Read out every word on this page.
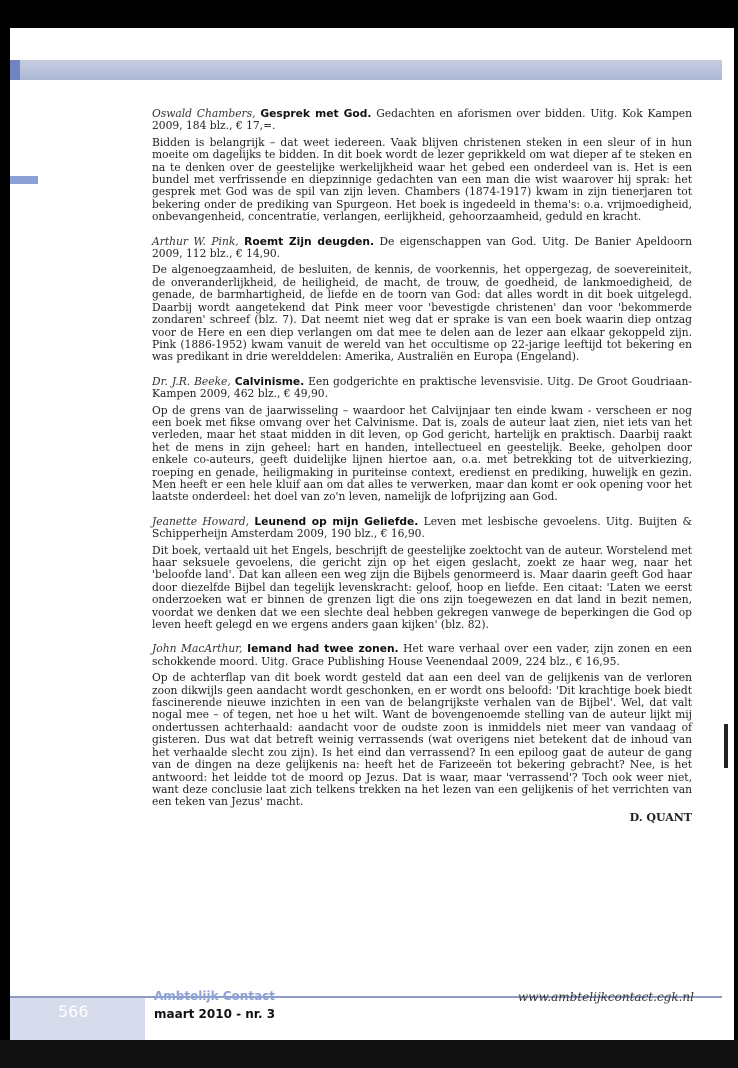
Oswald Chambers, Gesprek met God. Gedachten en aforismen over bidden. Uitg. Kok Kampen 2009, 184 blz., € 17,=.

Bidden is belangrijk – dat weet iedereen. Vaak blijven christenen steken in een sleur of in hun moeite om dagelijks te bidden. In dit boek wordt de lezer geprikkeld om wat dieper af te steken en na te denken over de geestelijke werkelijkheid waar het gebed een onderdeel van is. Het is een bundel met verfrissende en diepzinnige gedachten van een man die wist waarover hij sprak: het gesprek met God was de spil van zijn leven. Chambers (1874-1917) kwam in zijn tienerjaren tot bekering onder de prediking van Spurgeon. Het boek is ingedeeld in thema's: o.a. vrijmoedigheid, onbevangenheid, concentratie, verlangen, eerlijkheid, gehoorzaamheid, geduld en kracht.

Arthur W. Pink, Roemt Zijn deugden. De eigenschappen van God. Uitg. De Banier Apeldoorn 2009, 112 blz., € 14,90.

De algenoegzaamheid, de besluiten, de kennis, de voorkennis, het oppergezag, de soevereiniteit, de onveranderlijkheid, de heiligheid, de macht, de trouw, de goedheid, de lankmoedigheid, de genade, de barmhartigheid, de liefde en de toorn van God: dat alles wordt in dit boek uitgelegd. Daarbij wordt aangetekend dat Pink meer voor 'bevestigde christenen' dan voor 'bekommerde zondaren' schreef (blz. 7). Dat neemt niet weg dat er sprake is van een boek waarin diep ontzag voor de Here en een diep verlangen om dat mee te delen aan de lezer aan elkaar gekoppeld zijn. Pink (1886-1952) kwam vanuit de wereld van het occultisme op 22-jarige leeftijd tot bekering en was predikant in drie werelddelen: Amerika, Australiën en Europa (Engeland).

Dr. J.R. Beeke, Calvinisme. Een godgerichte en praktische levensvisie. Uitg. De Groot Goudriaan-Kampen 2009, 462 blz., € 49,90.

Op de grens van de jaarwisseling – waardoor het Calvijnjaar ten einde kwam - verscheen er nog een boek met fikse omvang over het Calvinisme. Dat is, zoals de auteur laat zien, niet iets van het verleden, maar het staat midden in dit leven, op God gericht, hartelijk en praktisch. Daarbij raakt het de mens in zijn geheel: hart en handen, intellectueel en geestelijk. Beeke, geholpen door enkele co-auteurs, geeft duidelijke lijnen hiertoe aan, o.a. met betrekking tot de uitverkiezing, roeping en genade, heiligmaking in puriteinse context, eredienst en prediking, huwelijk en gezin. Men heeft er een hele kluif aan om dat alles te verwerken, maar dan komt er ook opening voor het laatste onderdeel: het doel van zo'n leven, namelijk de lofprijzing aan God.

Jeanette Howard, Leunend op mijn Geliefde. Leven met lesbische gevoelens. Uitg. Buijten & Schipperheijn Amsterdam 2009, 190 blz., € 16,90.

Dit boek, vertaald uit het Engels, beschrijft de geestelijke zoektocht van de auteur. Worstelend met haar seksuele gevoelens, die gericht zijn op het eigen geslacht, zoekt ze haar weg, naar het 'beloofde land'. Dat kan alleen een weg zijn die Bijbels genormeerd is. Maar daarin geeft God haar door diezelfde Bijbel dan tegelijk levenskracht: geloof, hoop en liefde. Een citaat: 'Laten we eerst onderzoeken wat er binnen de grenzen ligt die ons zijn toegewezen en dat land in bezit nemen, voordat we denken dat we een slechte deal hebben gekregen vanwege de beperkingen die God op leven heeft gelegd en we ergens anders gaan kijken' (blz. 82).

John MacArthur, Iemand had twee zonen. Het ware verhaal over een vader, zijn zonen en een schokkende moord. Uitg. Grace Publishing House Veenendaal 2009, 224 blz., € 16,95.

Op de achterflap van dit boek wordt gesteld dat aan een deel van de gelijkenis van de verloren zoon dikwijls geen aandacht wordt geschonken, en er wordt ons beloofd: 'Dit krachtige boek biedt fascinerende nieuwe inzichten in een van de belangrijkste verhalen van de Bijbel'. Wel, dat valt nogal mee – of tegen, net hoe u het wilt. Want de bovengenoemde stelling van de auteur lijkt mij ondertussen achterhaald: aandacht voor de oudste zoon is inmiddels niet meer van vandaag of gisteren. Dus wat dat betreft weinig verrassends (wat overigens niet betekent dat de inhoud van het verhaalde slecht zou zijn). Is het eind dan verrassend? In een epiloog gaat de auteur de gang van de dingen na deze gelijkenis na: heeft het de Farizeeën tot bekering gebracht? Nee, is het antwoord: het leidde tot de moord op Jezus. Dat is waar, maar 'verrassend'? Toch ook weer niet, want deze conclusie laat zich telkens trekken na het lezen van een gelijkenis of het verrichten van een teken van Jezus' macht.

D. QUANT
566
Ambtelijk Contact
maart 2010 - nr. 3
www.ambtelijkcontact.cgk.nl
